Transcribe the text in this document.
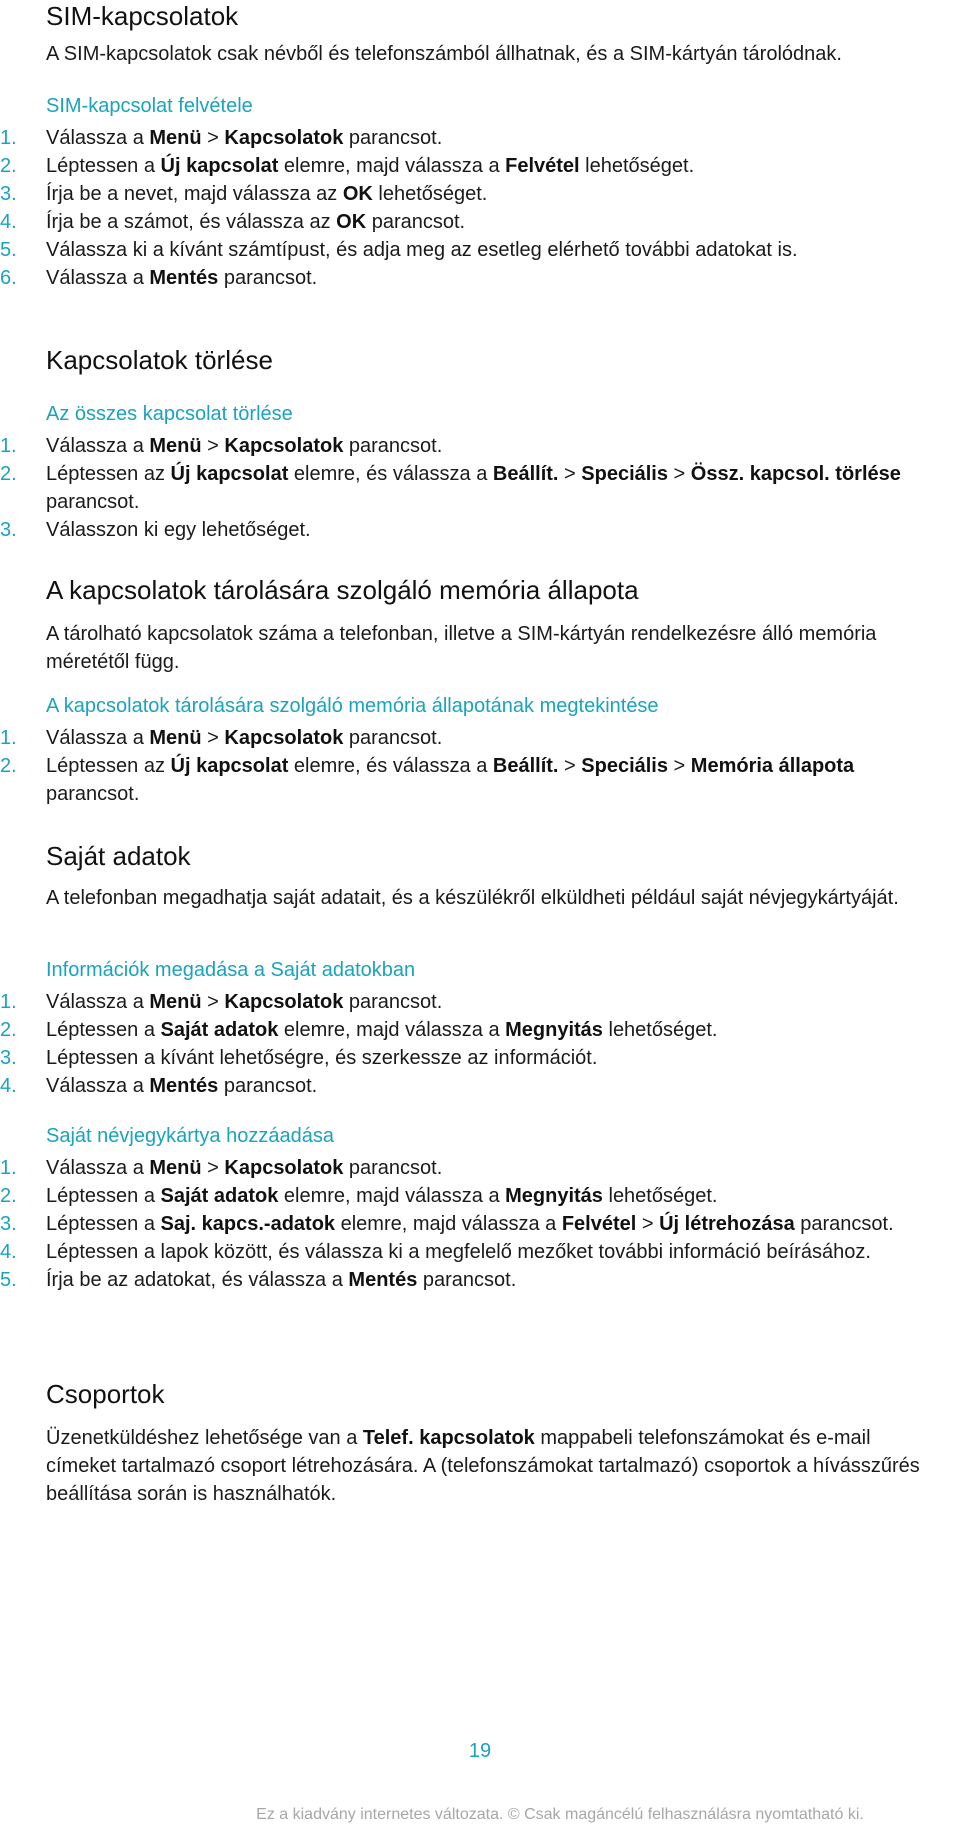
SIM-kapcsolatok

A SIM-kapcsolatok csak névből és telefonszámból állhatnak, és a SIM-kártyán tárolódnak.

SIM-kapcsolat felvétele
1.	Válassza a Menü > Kapcsolatok parancsot.
2.	Léptessen a Új kapcsolat elemre, majd válassza a Felvétel lehetőséget.
3.	Írja be a nevet, majd válassza az OK lehetőséget.
4.	Írja be a számot, és válassza az OK parancsot.
5.	Válassza ki a kívánt számtípust, és adja meg az esetleg elérhető további adatokat is.
6.	Válassza a Mentés parancsot.
Kapcsolatok törlése
Az összes kapcsolat törlése
1.	Válassza a Menü > Kapcsolatok parancsot.
2.	Léptessen az Új kapcsolat elemre, és válassza a Beállít. > Speciális > Össz. kapcsol. törlése parancsot.
3.	Válasszon ki egy lehetőséget.
A kapcsolatok tárolására szolgáló memória állapota

A tárolható kapcsolatok száma a telefonban, illetve a SIM-kártyán rendelkezésre álló memória méretétől függ.

A kapcsolatok tárolására szolgáló memória állapotának megtekintése
1.	Válassza a Menü > Kapcsolatok parancsot.
2.	Léptessen az Új kapcsolat elemre, és válassza a Beállít. > Speciális > Memória állapota parancsot.
Saját adatok

A telefonban megadhatja saját adatait, és a készülékről elküldheti például saját névjegykártyáját.

Információk megadása a Saját adatokban
1.	Válassza a Menü > Kapcsolatok parancsot.
2.	Léptessen a Saját adatok elemre, majd válassza a Megnyitás lehetőséget.
3.	Léptessen a kívánt lehetőségre, és szerkessze az információt.
4.	Válassza a Mentés parancsot.
Saját névjegykártya hozzáadása
1.	Válassza a Menü > Kapcsolatok parancsot.
2.	Léptessen a Saját adatok elemre, majd válassza a Megnyitás lehetőséget.
3.	Léptessen a Saj. kapcs.-adatok elemre, majd válassza a Felvétel > Új létrehozása parancsot.
4.	Léptessen a lapok között, és válassza ki a megfelelő mezőket további információ beírásához.
5.	Írja be az adatokat, és válassza a Mentés parancsot.
Csoportok

Üzenetküldéshez lehetősége van a Telef. kapcsolatok mappabeli telefonszámokat és e-mail címeket tartalmazó csoport létrehozására. A (telefonszámokat tartalmazó) csoportok a hívásszűrés beállítása során is használhatók.

19
Ez a kiadvány internetes változata. © Csak magáncélú felhasználásra nyomtatható ki.
